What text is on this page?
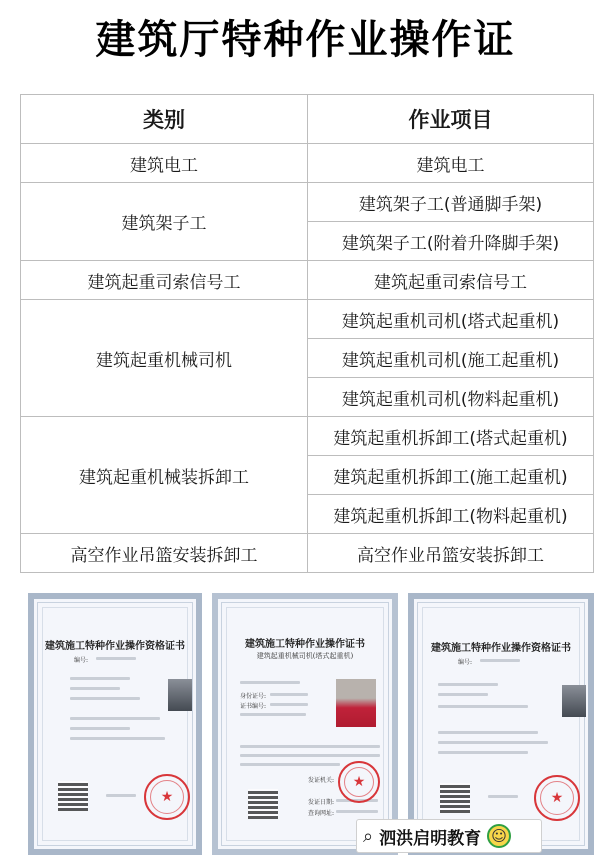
建筑厅特种作业操作证
类别	作业项目
建筑电工	建筑电工
建筑架子工	建筑架子工(普通脚手架)
	建筑架子工(附着升降脚手架)
建筑起重司索信号工	建筑起重司索信号工
建筑起重机械司机	建筑起重机司机(塔式起重机)
	建筑起重机司机(施工起重机)
	建筑起重机司机(物料起重机)
建筑起重机械装拆卸工	建筑起重机拆卸工(塔式起重机)
	建筑起重机拆卸工(施工起重机)
	建筑起重机拆卸工(物料起重机)
高空作业吊篮安装拆卸工	高空作业吊篮安装拆卸工
建筑施工特种作业操作资格证书
编号:
★
建筑施工特种作业操作证书
建筑起重机械司机(塔式起重机)
身份证号:
证书编号:
发证机关:
发证日期:
查询网址:
★
建筑施工特种作业操作资格证书
编号:
★
⌕ 泗洪启明教育 ☺
